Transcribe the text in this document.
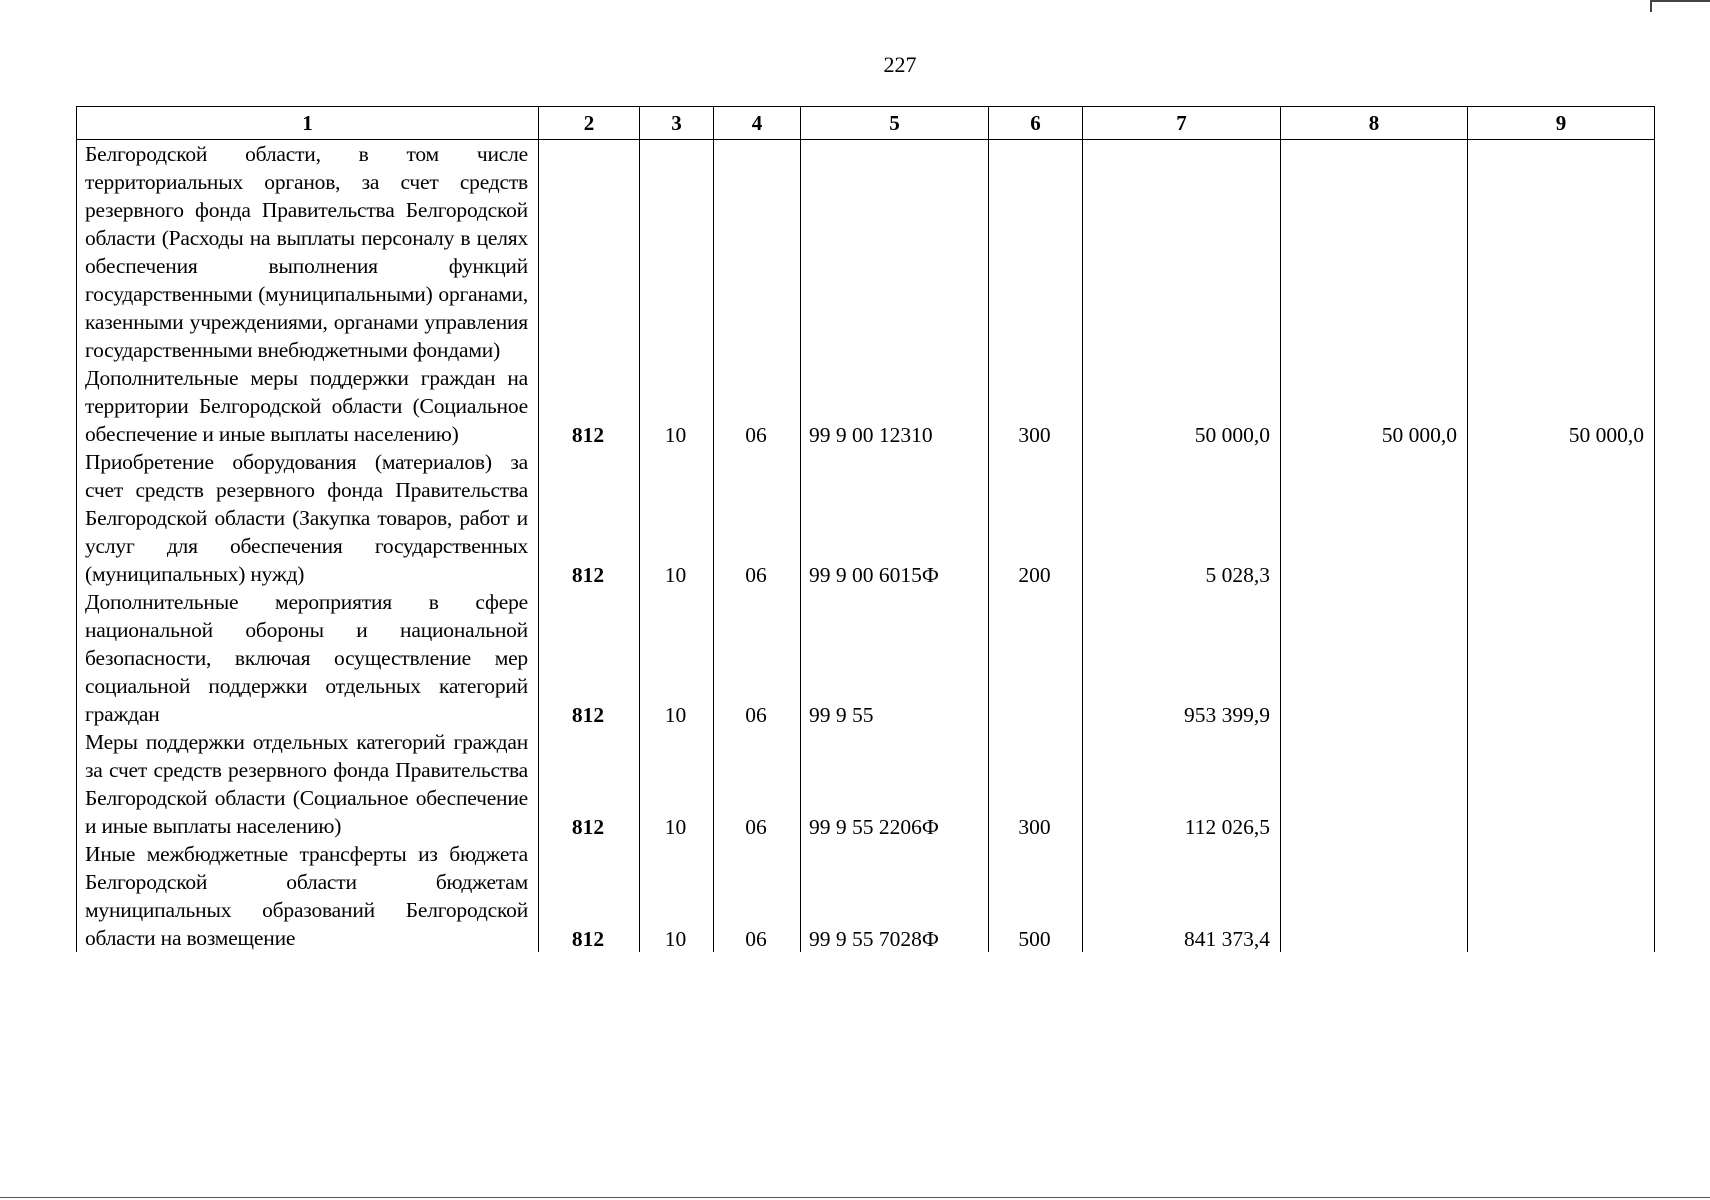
227
1	2	3	4	5	6	7	8	9
Белгородской области, в том числе территориальных органов, за счет средств резервного фонда Правительства Белгородской области (Расходы на выплаты персоналу в целях обеспечения выполнения функций государственными (муниципальными) органами, казенными учреждениями, органами управления государственными внебюджетными фондами)								
Дополнительные меры поддержки граждан на территории Белгородской области (Социальное обеспечение и иные выплаты населению)	812	10	06	99 9 00 12310	300	50 000,0	50 000,0	50 000,0
Приобретение оборудования (материалов) за счет средств резервного фонда Правительства Белгородской области (Закупка товаров, работ и услуг для обеспечения государственных (муниципальных) нужд)	812	10	06	99 9 00 6015Ф	200	5 028,3		
Дополнительные мероприятия в сфере национальной обороны и национальной безопасности, включая осуществление мер социальной поддержки отдельных категорий граждан	812	10	06	99 9 55		953 399,9		
Меры поддержки отдельных категорий граждан за счет средств резервного фонда Правительства Белгородской области (Социальное обеспечение и иные выплаты населению)	812	10	06	99 9 55 2206Ф	300	112 026,5		
Иные межбюджетные трансферты из бюджета Белгородской области бюджетам муниципальных образований Белгородской области на возмещение	812	10	06	99 9 55 7028Ф	500	841 373,4		
